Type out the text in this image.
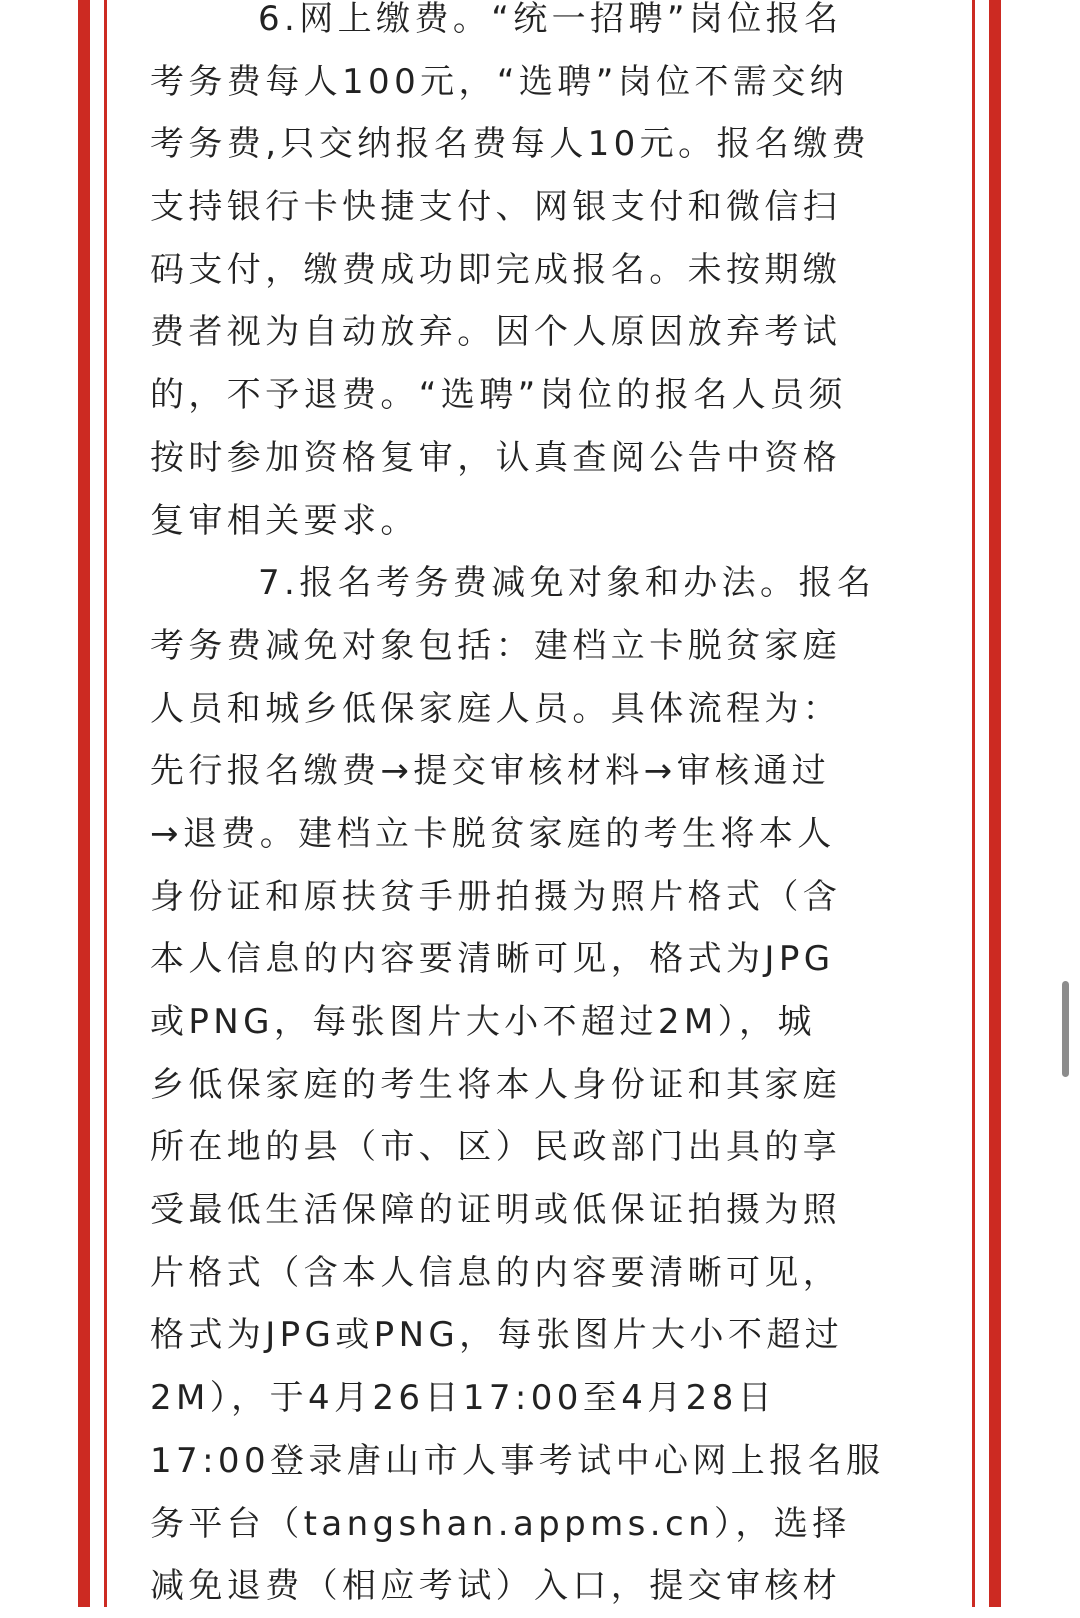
6.网上缴费。“统一招聘”岗位报名
考务费每人100元，“选聘”岗位不需交纳
考务费,只交纳报名费每人10元。报名缴费
支持银行卡快捷支付、网银支付和微信扫
码支付，缴费成功即完成报名。未按期缴
费者视为自动放弃。因个人原因放弃考试
的，不予退费。“选聘”岗位的报名人员须
按时参加资格复审，认真查阅公告中资格
复审相关要求。
7.报名考务费减免对象和办法。报名
考务费减免对象包括：建档立卡脱贫家庭
人员和城乡低保家庭人员。具体流程为：
先行报名缴费→提交审核材料→审核通过
→退费。建档立卡脱贫家庭的考生将本人
身份证和原扶贫手册拍摄为照片格式（含
本人信息的内容要清晰可见，格式为JPG
或PNG，每张图片大小不超过2M），城
乡低保家庭的考生将本人身份证和其家庭
所在地的县（市、区）民政部门出具的享
受最低生活保障的证明或低保证拍摄为照
片格式（含本人信息的内容要清晰可见，
格式为JPG或PNG，每张图片大小不超过
2M），于4月26日17:00至4月28日
17:00登录唐山市人事考试中心网上报名服
务平台（tangshan.appms.cn），选择
减免退费（相应考试）入口，提交审核材
